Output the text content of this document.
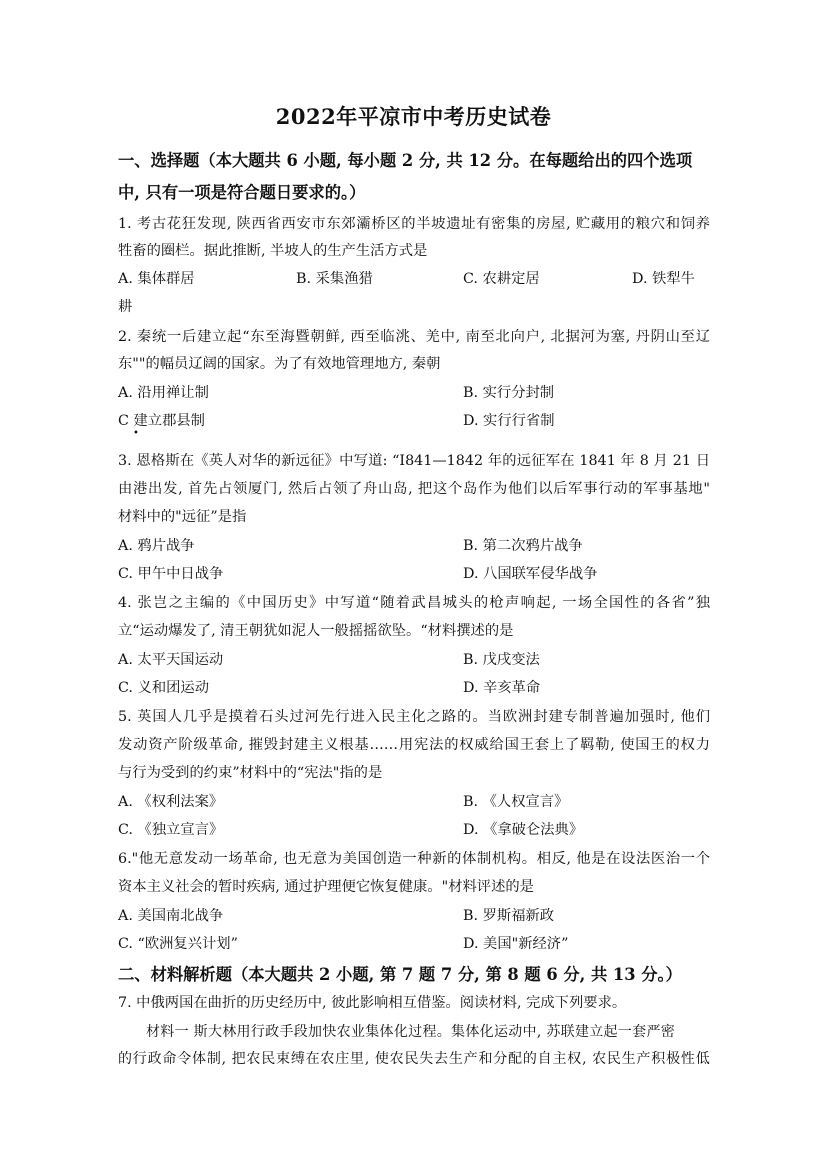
2022年平凉市中考历史试卷
一、选择题（本大题共 6 小题, 每小题 2 分, 共 12 分。在每题给出的四个选项
中, 只有一项是符合题日要求的。）
1. 考古花狂发现, 陕西省西安市东郊灞桥区的半坡遗址有密集的房屋, 贮藏用的粮穴和饲养
牲畜的圈栏。据此推断, 半坡人的生产生活方式是
A. 集体群居	B. 采集渔猎	C. 农耕定居	D. 铁犁牛
耕
2. 秦统一后建立起“东至海暨朝鲜, 西至临洮、羌中, 南至北向户, 北据河为塞, 丹阴山至辽
东""的幅员辽阔的国家。为了有效地管理地方, 秦朝
A. 沿用禅让制	B. 实行分封制
C 建立郡县制	D. 实行行省制
•
3. 恩格斯在《英人对华的新远征》中写道: “I841—1842 年的远征军在 1841 年 8 月 21 日
由港出发, 首先占领厦门, 然后占领了舟山岛, 把这个岛作为他们以后军事行动的军事基地"
材料中的"远征”是指
A. 鸦片战争	B. 第二次鸦片战争
C. 甲午中日战争	D. 八国联军侵华战争
4. 张岂之主编的《中国历史》中写道“随着武昌城头的枪声响起, 一场全国性的各省”独
立“运动爆发了, 清王朝犹如泥人一般摇摇欲坠。“材料撰述的是
A. 太平天国运动	B. 戊戌变法
C. 义和团运动	D. 辛亥革命
5. 英国人几乎是摸着石头过河先行进入民主化之路的。当欧洲封建专制普遍加强时, 他们
发动资产阶级革命, 摧毁封建主义根基……用宪法的权威给国王套上了羁勒, 使国王的权力
与行为受到的约束”材料中的“宪法"指的是
A. 《权利法案》	B. 《人权宣言》
C. 《独立宣言》	D. 《拿破仑法典》
6."他无意发动一场革命, 也无意为美国创造一种新的体制机构。相反, 他是在设法医治一个
资本主义社会的暂时疾病, 通过护理便它恢复健康。"材料评述的是
A. 美国南北战争	B. 罗斯福新政
C. “欧洲复兴计划”	D. 美国"新经济”
二、材料解析题（本大题共 2 小题, 第 7 题 7 分, 第 8 题 6 分, 共 13 分。）
7. 中俄两国在曲折的历史经历中, 彼此影响相互借鉴。阅读材料, 完成下列要求。
材料一 斯大林用行政手段加快农业集体化过程。集体化运动中, 苏联建立起一套严密
的行政命令体制, 把农民束缚在农庄里, 使农民失去生产和分配的自主权, 农民生产积极性低
